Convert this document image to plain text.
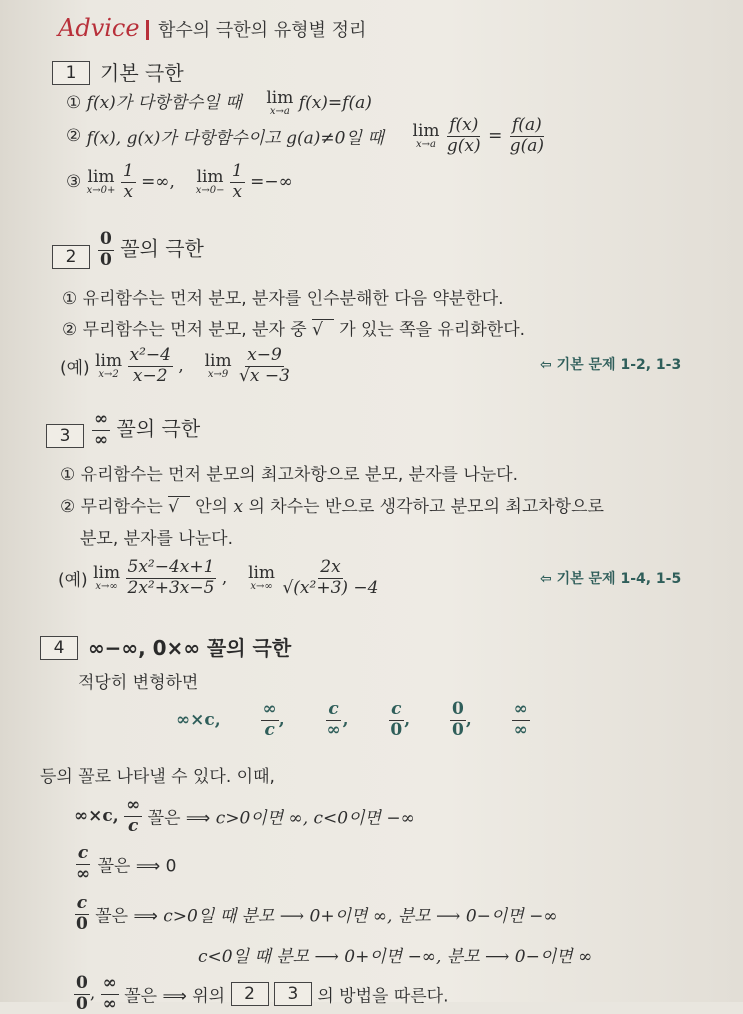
Advice 함수의 극한의 유형별 정리
1	기본 극한
① f(x)가 다항함수일 때 lim
x→a f(x)=f(a)
② f(x), g(x)가 다항함수이고 g(a)≠0일 때 lim
x→a
$\frac{f(x)}{g(x)} = \frac{f(a)}{g(a)}$
③ lim
x→0+
$\frac{1}{x}$ =∞, lim
x→0−
$\frac{1}{x}$ =−∞
2	$\frac{0}{0}$ 꼴의 극한
① 유리함수는 먼저 분모, 분자를 인수분해한 다음 약분한다.
② 무리함수는 먼저 분모, 분자 중 √   가 있는 쪽을 유리화한다.
(예) lim
x→2
$\frac{\text{x²−4}}{x-2}$ , lim
x→9
$\frac{x-9}{√x -3}$	⇦ 기본 문제 1-2, 1-3
3	$\frac{\infty}{\infty}$ 꼴의 극한
① 유리함수는 먼저 분모의 최고차항으로 분모, 분자를 나눈다.
② 무리함수는 √   안의 x 의 차수는 반으로 생각하고 분모의 최고차항으로
분모, 분자를 나눈다.
(예) lim
x→∞
$\frac{\text{5x²−4x+1}}{\text{2x²+3x−5}}$ , lim
x→∞
$\frac{2x}{\text{√(x²+3) −4}}$	⇦ 기본 문제 1-4, 1-5
4	∞−∞, 0×∞ 꼴의 극한
적당히 변형하면
∞×c, $\frac{\infty}{c}$ , $\frac{c}{\infty}$ , $\frac{c}{0}$ , $\frac{0}{0}$ , $\frac{\infty}{\infty}$
등의 꼴로 나타낼 수 있다. 이때,
∞×c, $\frac{\infty}{c}$ 꼴은 ⟹ c>0이면 ∞, c<0이면 −∞
$\frac{c}{\infty}$ 꼴은 ⟹ 0
$\frac{c}{0}$ 꼴은 ⟹ c>0일 때 분모 ⟶ 0+이면 ∞, 분모 ⟶ 0−이면 −∞
c<0일 때 분모 ⟶ 0+이면 −∞, 분모 ⟶ 0−이면 ∞
$\frac{0}{0}$ , $\frac{\infty}{\infty}$ 꼴은 ⟹ 위의 2 3 의 방법을 따른다.
